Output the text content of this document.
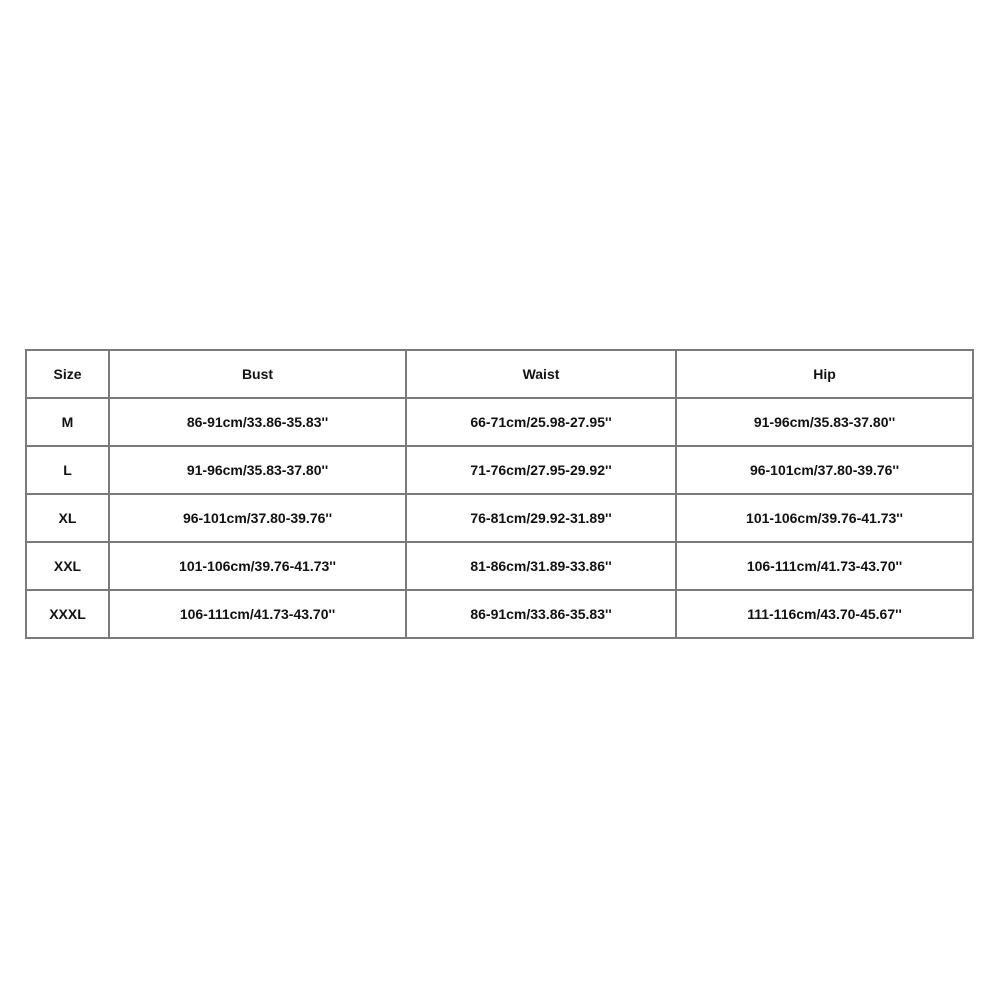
Size	Bust	Waist	Hip
M	86-91cm/33.86-35.83''	66-71cm/25.98-27.95''	91-96cm/35.83-37.80''
L	91-96cm/35.83-37.80''	71-76cm/27.95-29.92''	96-101cm/37.80-39.76''
XL	96-101cm/37.80-39.76''	76-81cm/29.92-31.89''	101-106cm/39.76-41.73''
XXL	101-106cm/39.76-41.73''	81-86cm/31.89-33.86''	106-111cm/41.73-43.70''
XXXL	106-111cm/41.73-43.70''	86-91cm/33.86-35.83''	111-116cm/43.70-45.67''
